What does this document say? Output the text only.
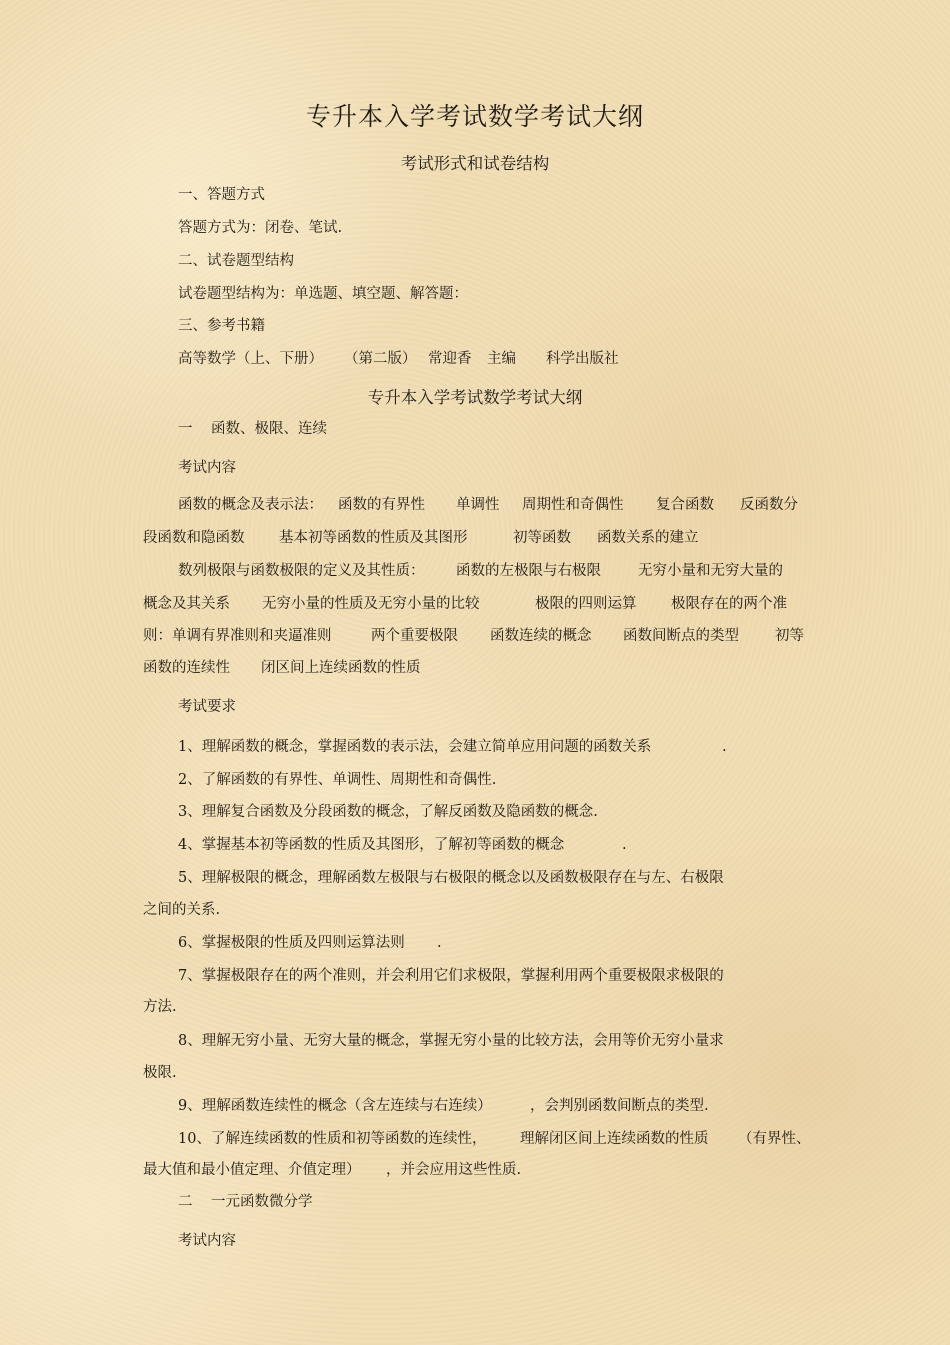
专升本入学考试数学考试大纲
考试形式和试卷结构
一、答题方式
答题方式为：闭卷、笔试.
二、试卷题型结构
试卷题型结构为：单选题、填空题、解答题：
三、参考书籍
高等数学（上、下册） （第二版） 常迎香 主编 科学出版社
专升本入学考试数学考试大纲
一 函数、极限、连续
考试内容
函数的概念及表示法： 函数的有界性 单调性 周期性和奇偶性 复合函数 反函数分
段函数和隐函数 基本初等函数的性质及其图形	初等函数 函数关系的建立
数列极限与函数极限的定义及其性质： 函数的左极限与右极限	无穷小量和无穷大量的
概念及其关系 无穷小量的性质及无穷小量的比较	极限的四则运算 极限存在的两个准
则：单调有界准则和夹逼准则	两个重要极限 函数连续的概念 函数间断点的类型 初等
函数的连续性 闭区间上连续函数的性质
考试要求
1、理解函数的概念，掌握函数的表示法，会建立简单应用问题的函数关系	.
2、了解函数的有界性、单调性、周期性和奇偶性.
3、理解复合函数及分段函数的概念，了解反函数及隐函数的概念.
4、掌握基本初等函数的性质及其图形，了解初等函数的概念	.
5、理解极限的概念，理解函数左极限与右极限的概念以及函数极限存在与左、右极限
之间的关系.
6、掌握极限的性质及四则运算法则 .
7、掌握极限存在的两个准则，并会利用它们求极限，掌握利用两个重要极限求极限的
方法.
8、理解无穷小量、无穷大量的概念，掌握无穷小量的比较方法，会用等价无穷小量求
极限.
9、理解函数连续性的概念（含左连续与右连续）	，会判别函数间断点的类型.
10、了解连续函数的性质和初等函数的连续性， 理解闭区间上连续函数的性质 （有界性、
最大值和最小值定理、介值定理） ，并会应用这些性质.
二 一元函数微分学
考试内容
